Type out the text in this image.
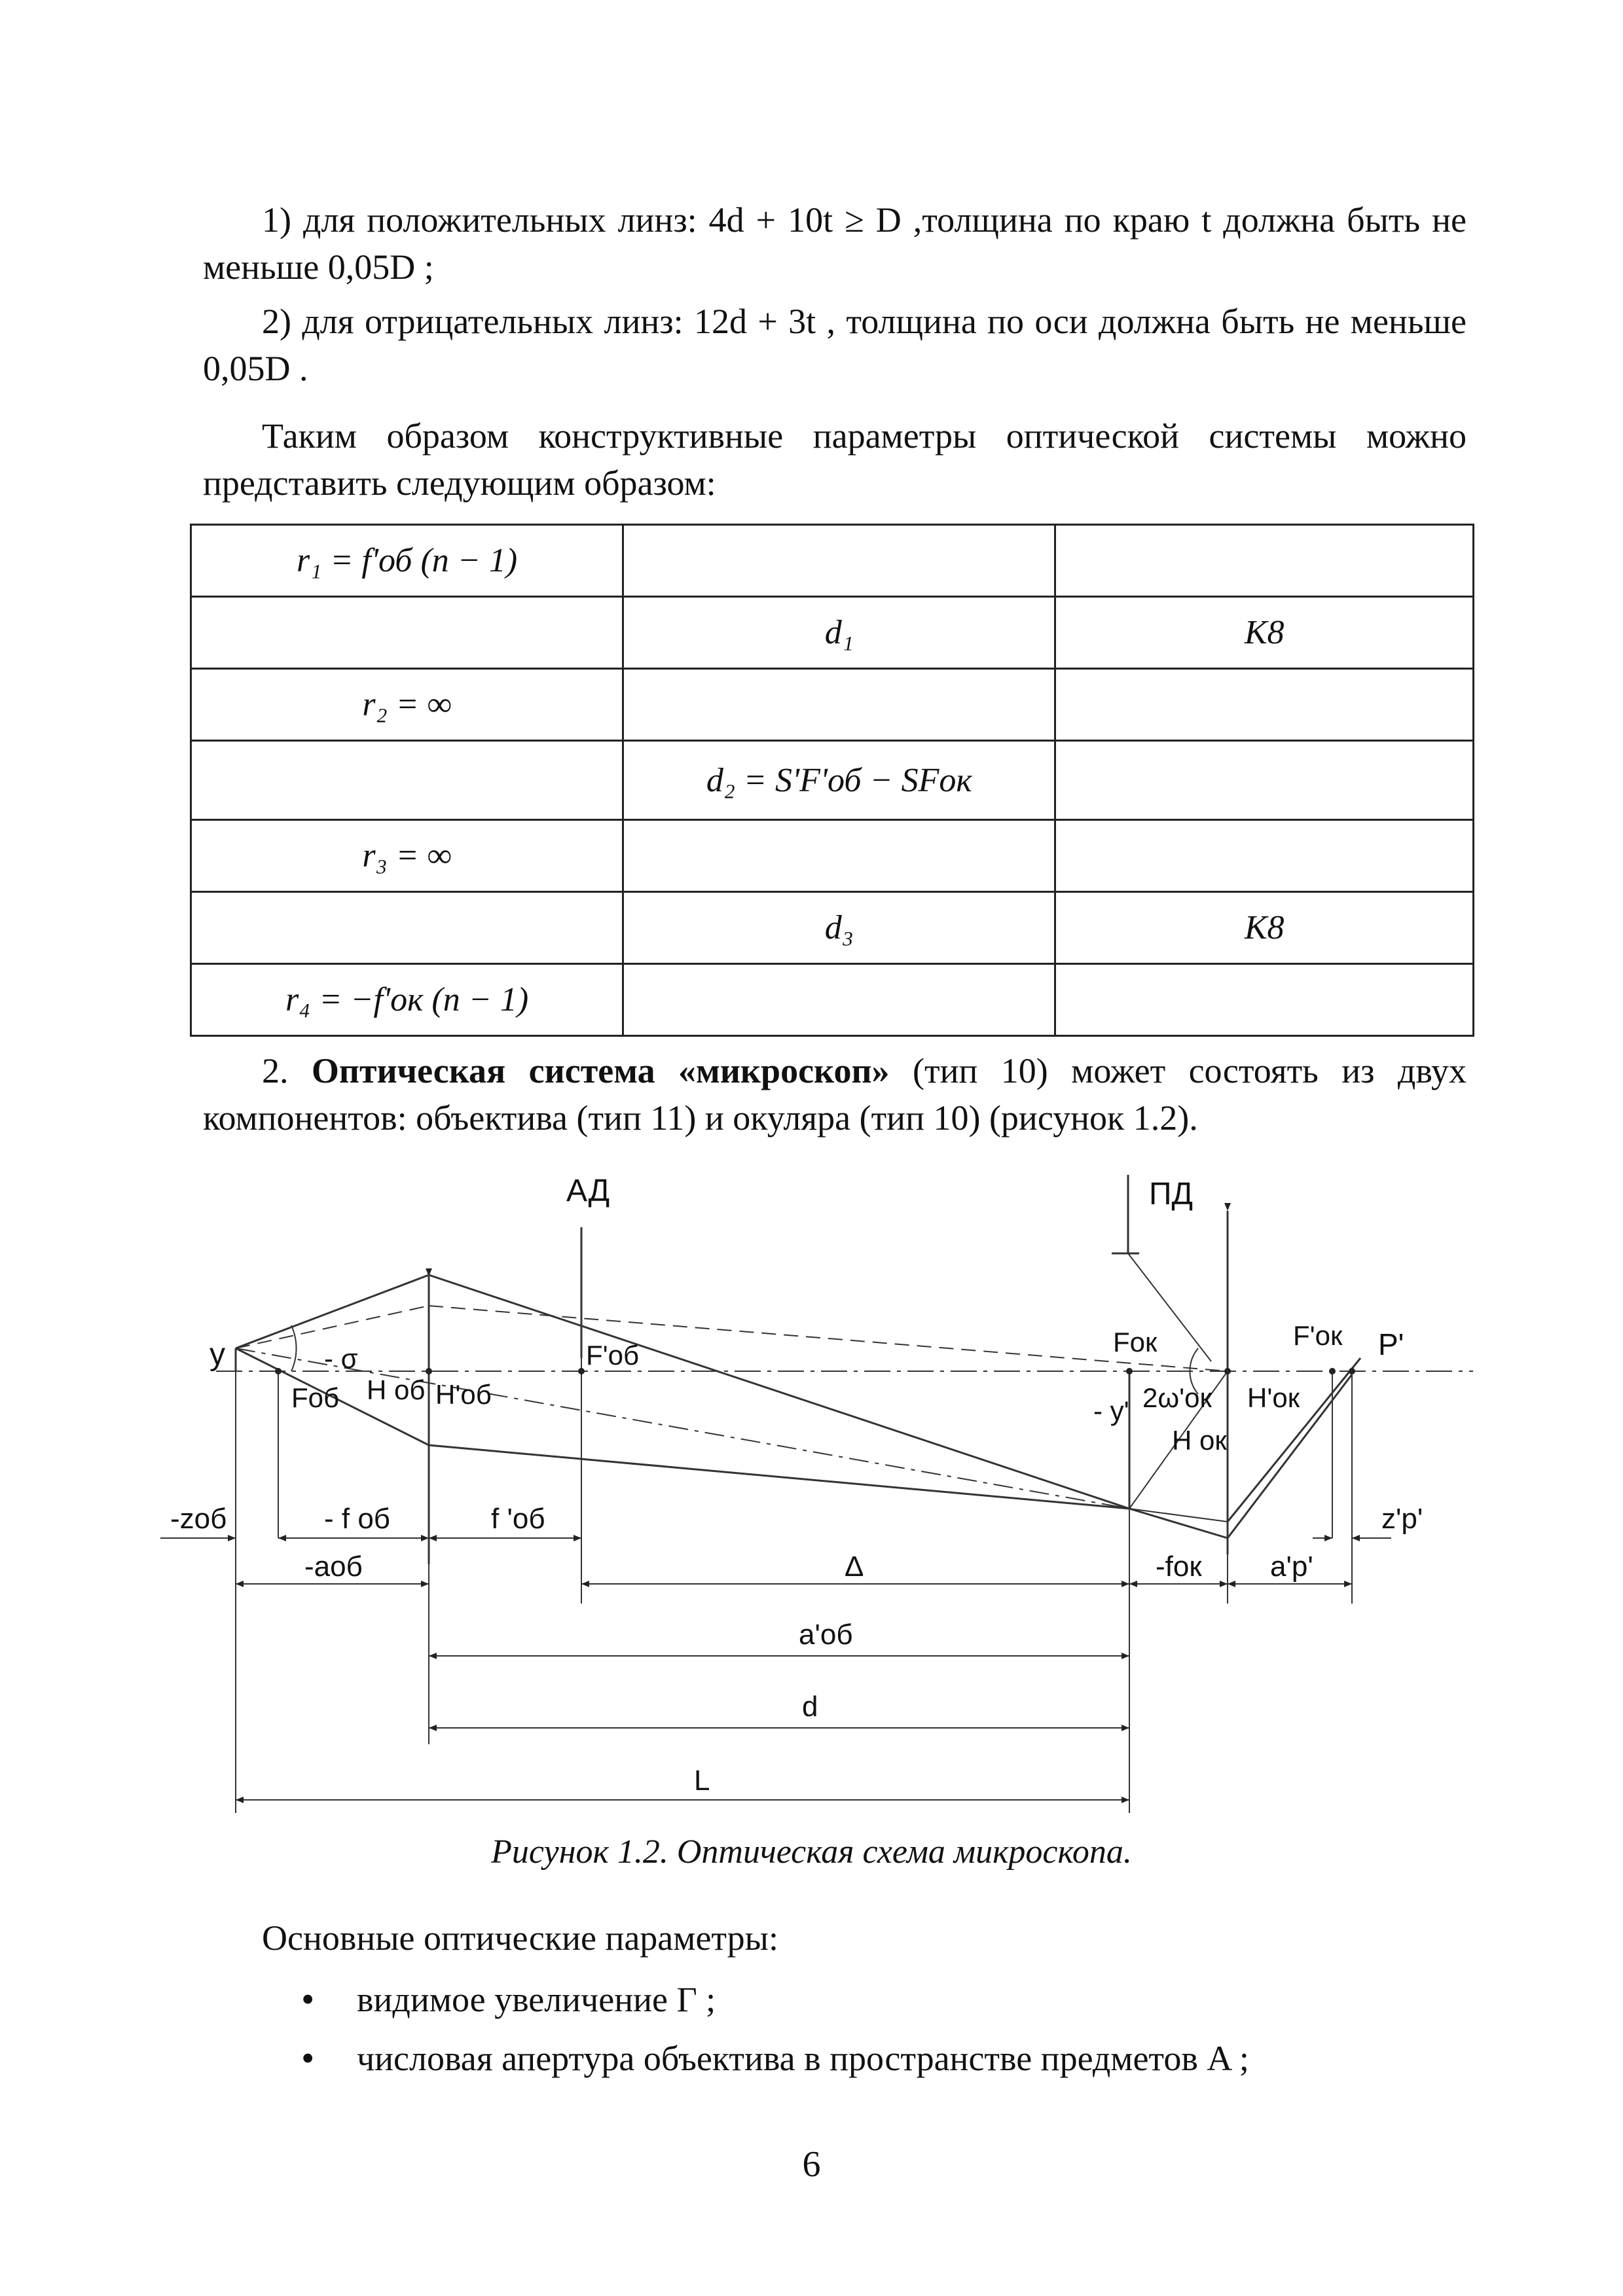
1) для положительных линз: 4d + 10t ≥ D ,толщина по краю t должна быть не меньше 0,05D ;
2) для отрицательных линз: 12d + 3t , толщина по оси должна быть не меньше 0,05D .
Таким образом конструктивные параметры оптической системы можно представить следующим образом:
r₁ = f'об (n − 1)		
	d₁	K8
r₂ = ∞		
	d₂ = S'F'об − SFок	
r₃ = ∞		
	d₃	K8
r₄ = −f'ок (n − 1)		
2. Оптическая система «микроскоп» (тип 10) может состоять из двух компонентов: объектива (тип 11) и окуляра (тип 10) (рисунок 1.2).
АД	ПД
y	- σ
Fоб H об H'об
F'об	Fок	F'ок P'
- y' 2ω'ок H'ок
H ок
-zоб	- f об	f 'об	z'p'
-аоб	Δ	-fок a'p'
a'об
d
L
Рисунок 1.2. Оптическая схема микроскопа.
Основные оптические параметры:
• видимое увеличение Γ ;
• числовая апертура объектива в пространстве предметов A ;
6
